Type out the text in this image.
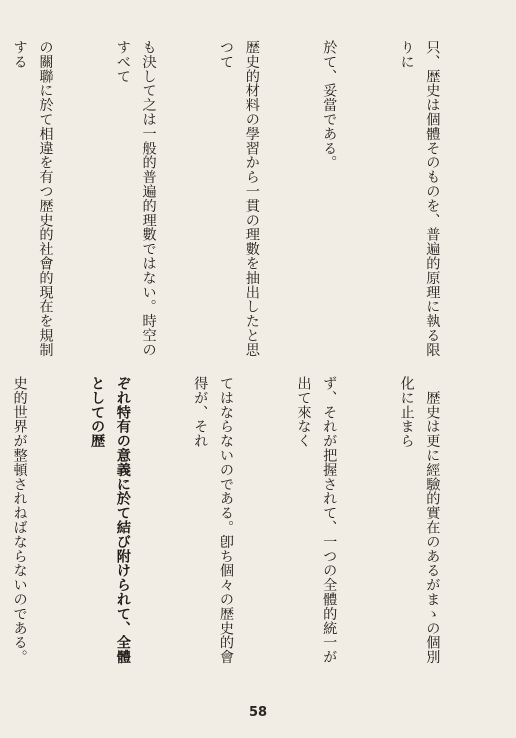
只、歴史は個體そのものを、普遍的原理に執る限りに

於て、妥當である。

歴史的材料の學習から一貫の理數を抽出したと思つて

も決して之は一般的普遍的理數ではない。時空のすべて

の關聯に於て相違を有つ歴史的社會的現在を規制する

　歴史は更に經驗的實在のあるがまゝの個別化に止まら

ず、それが把握されて、一つの全體的統一が出て來なく

てはならないのである。卽ち個々の歴史的會得が、それ

ぞれ特有の意義に於て結び附けられて、全體としての歴

史的世界が整頓されねばならないのである。

58
